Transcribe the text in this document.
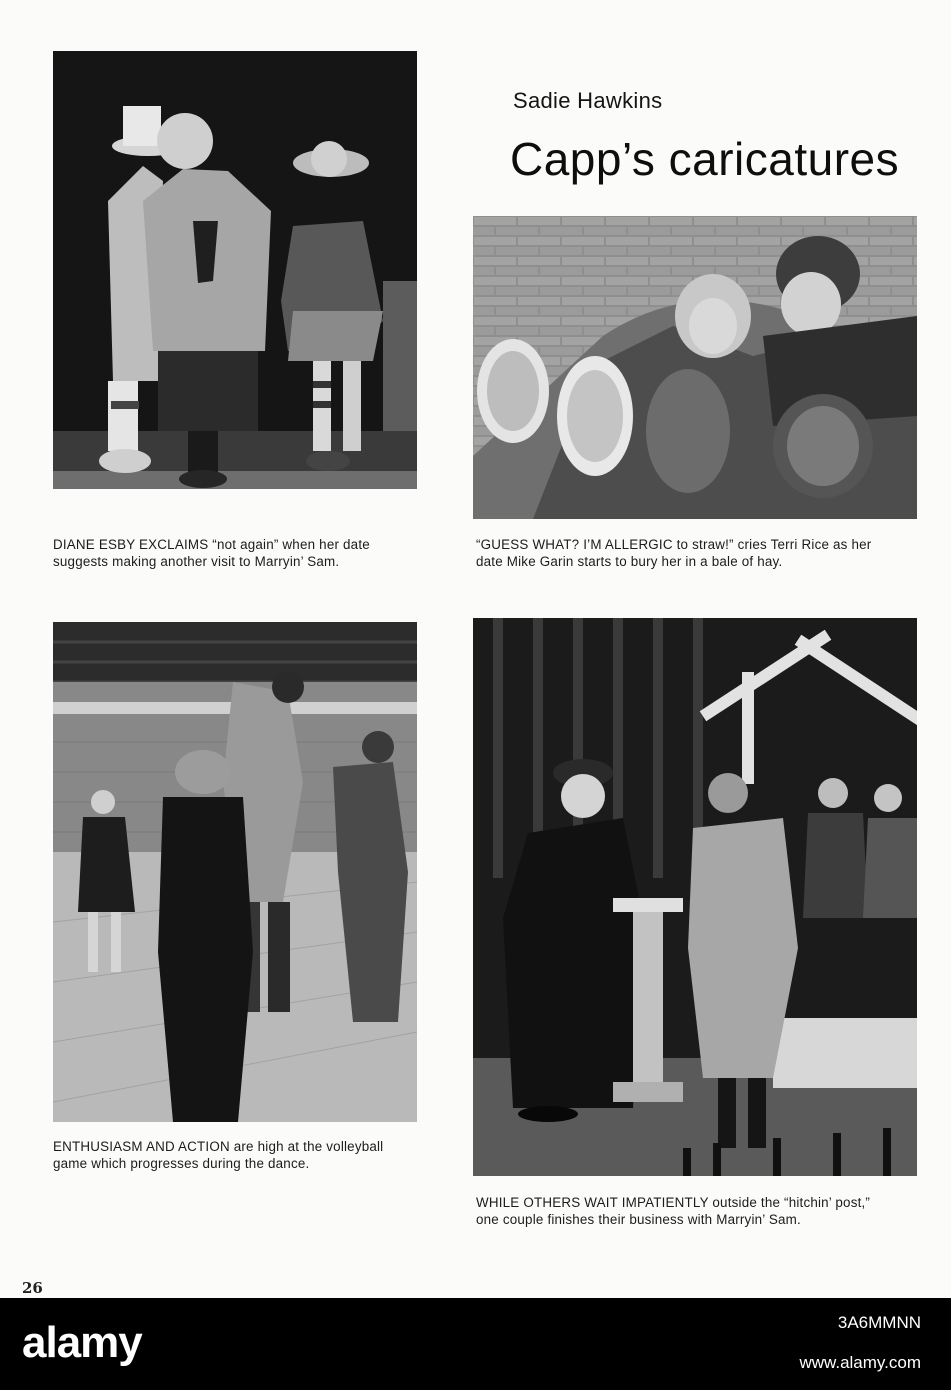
DIANE ESBY EXCLAIMS “not again” when her date
suggests making another visit to Marryin’ Sam.
Sadie Hawkins
Capp’s caricatures
“GUESS WHAT? I’M ALLERGIC to straw!” cries Terri Rice as her
date Mike Garin starts to bury her in a bale of hay.
ENTHUSIASM AND ACTION are high at the volleyball
game which progresses during the dance.
WHILE OTHERS WAIT IMPATIENTLY outside the “hitchin’ post,”
one couple finishes their business with Marryin’ Sam.
26
alamy	3A6MMNN
www.alamy.com
